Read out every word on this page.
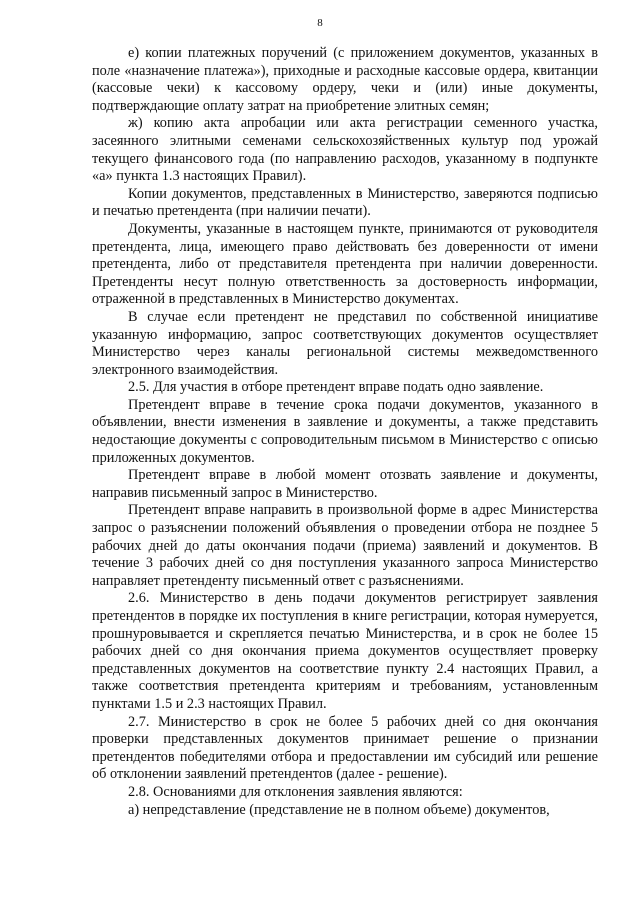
8

е) копии платежных поручений (с приложением документов, указанных в поле «назначение платежа»), приходные и расходные кассовые ордера, квитанции (кассовые чеки) к кассовому ордеру, чеки и (или) иные документы, подтверждающие оплату затрат на приобретение элитных семян;

ж) копию акта апробации или акта регистрации семенного участка, засеянного элитными семенами сельскохозяйственных культур под урожай текущего финансового года (по направлению расходов, указанному в подпункте «а» пункта 1.3 настоящих Правил).

Копии документов, представленных в Министерство, заверяются подписью и печатью претендента (при наличии печати).

Документы, указанные в настоящем пункте, принимаются от руководителя претендента, лица, имеющего право действовать без доверенности от имени претендента, либо от представителя претендента при наличии доверенности. Претенденты несут полную ответственность за достоверность информации, отраженной в представленных в Министерство документах.

В случае если претендент не представил по собственной инициативе указанную информацию, запрос соответствующих документов осуществляет Министерство через каналы региональной системы межведомственного электронного взаимодействия.

2.5. Для участия в отборе претендент вправе подать одно заявление.

Претендент вправе в течение срока подачи документов, указанного в объявлении, внести изменения в заявление и документы, а также представить недостающие документы с сопроводительным письмом в Министерство с описью приложенных документов.

Претендент вправе в любой момент отозвать заявление и документы, направив письменный запрос в Министерство.

Претендент вправе направить в произвольной форме в адрес Министерства запрос о разъяснении положений объявления о проведении отбора не позднее 5 рабочих дней до даты окончания подачи (приема) заявлений и документов. В течение 3 рабочих дней со дня поступления указанного запроса Министерство направляет претенденту письменный ответ с разъяснениями.

2.6. Министерство в день подачи документов регистрирует заявления претендентов в порядке их поступления в книге регистрации, которая нумеруется, прошнуровывается и скрепляется печатью Министерства, и в срок не более 15 рабочих дней со дня окончания приема документов осуществляет проверку представленных документов на соответствие пункту 2.4 настоящих Правил, а также соответствия претендента критериям и требованиям, установленным пунктами 1.5 и 2.3 настоящих Правил.

2.7. Министерство в срок не более 5 рабочих дней со дня окончания проверки представленных документов принимает решение о признании претендентов победителями отбора и предоставлении им субсидий или решение об отклонении заявлений претендентов (далее - решение).

2.8. Основаниями для отклонения заявления являются:

а) непредставление (представление не в полном объеме) документов,
